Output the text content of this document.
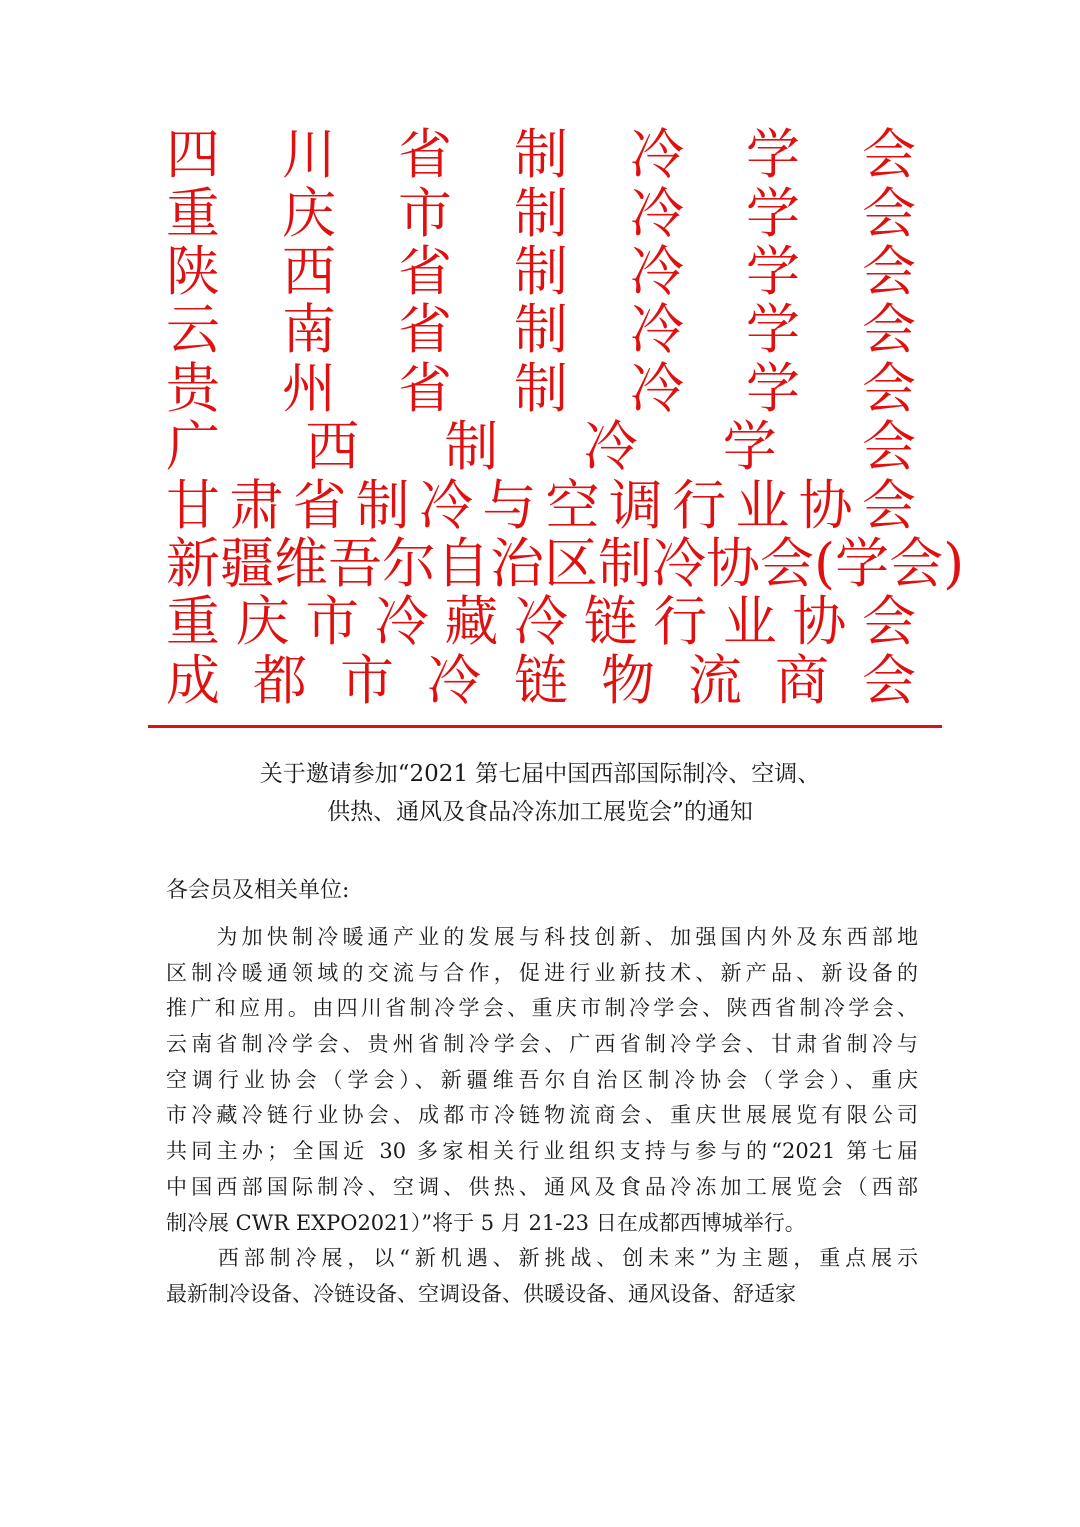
四 川 省 制 冷 学 会
重 庆 市 制 冷 学 会
陕 西 省 制 冷 学 会
云 南 省 制 冷 学 会
贵 州 省 制 冷 学 会
广 西 制 冷 学 会
甘 肃 省 制 冷 与 空 调 行 业 协 会
新疆维吾尔自治区制冷协会(学会)
重 庆 市 冷 藏 冷 链 行 业 协 会
成 都 市 冷 链 物 流 商 会
关于邀请参加“2021 第七届中国西部国际制冷、空调、
供热、通风及食品冷冻加工展览会”的通知
各会员及相关单位:
　　为加快制冷暖通产业的发展与科技创新、加强国内外及东西部地
区制冷暖通领域的交流与合作，促进行业新技术、新产品、新设备的
推广和应用。由四川省制冷学会、重庆市制冷学会、陕西省制冷学会、
云南省制冷学会、贵州省制冷学会、广西省制冷学会、甘肃省制冷与
空调行业协会（学会）、新疆维吾尔自治区制冷协会（学会）、重庆
市冷藏冷链行业协会、成都市冷链物流商会、重庆世展展览有限公司
共同主办；全国近 30 多家相关行业组织支持与参与的“2021 第七届
中国西部国际制冷、空调、供热、通风及食品冷冻加工展览会（西部
制冷展 CWR EXPO2021）”将于 5 月 21-23 日在成都西博城举行。
　　西部制冷展，以“新机遇、新挑战、创未来”为主题，重点展示
最新制冷设备、冷链设备、空调设备、供暖设备、通风设备、舒适家
